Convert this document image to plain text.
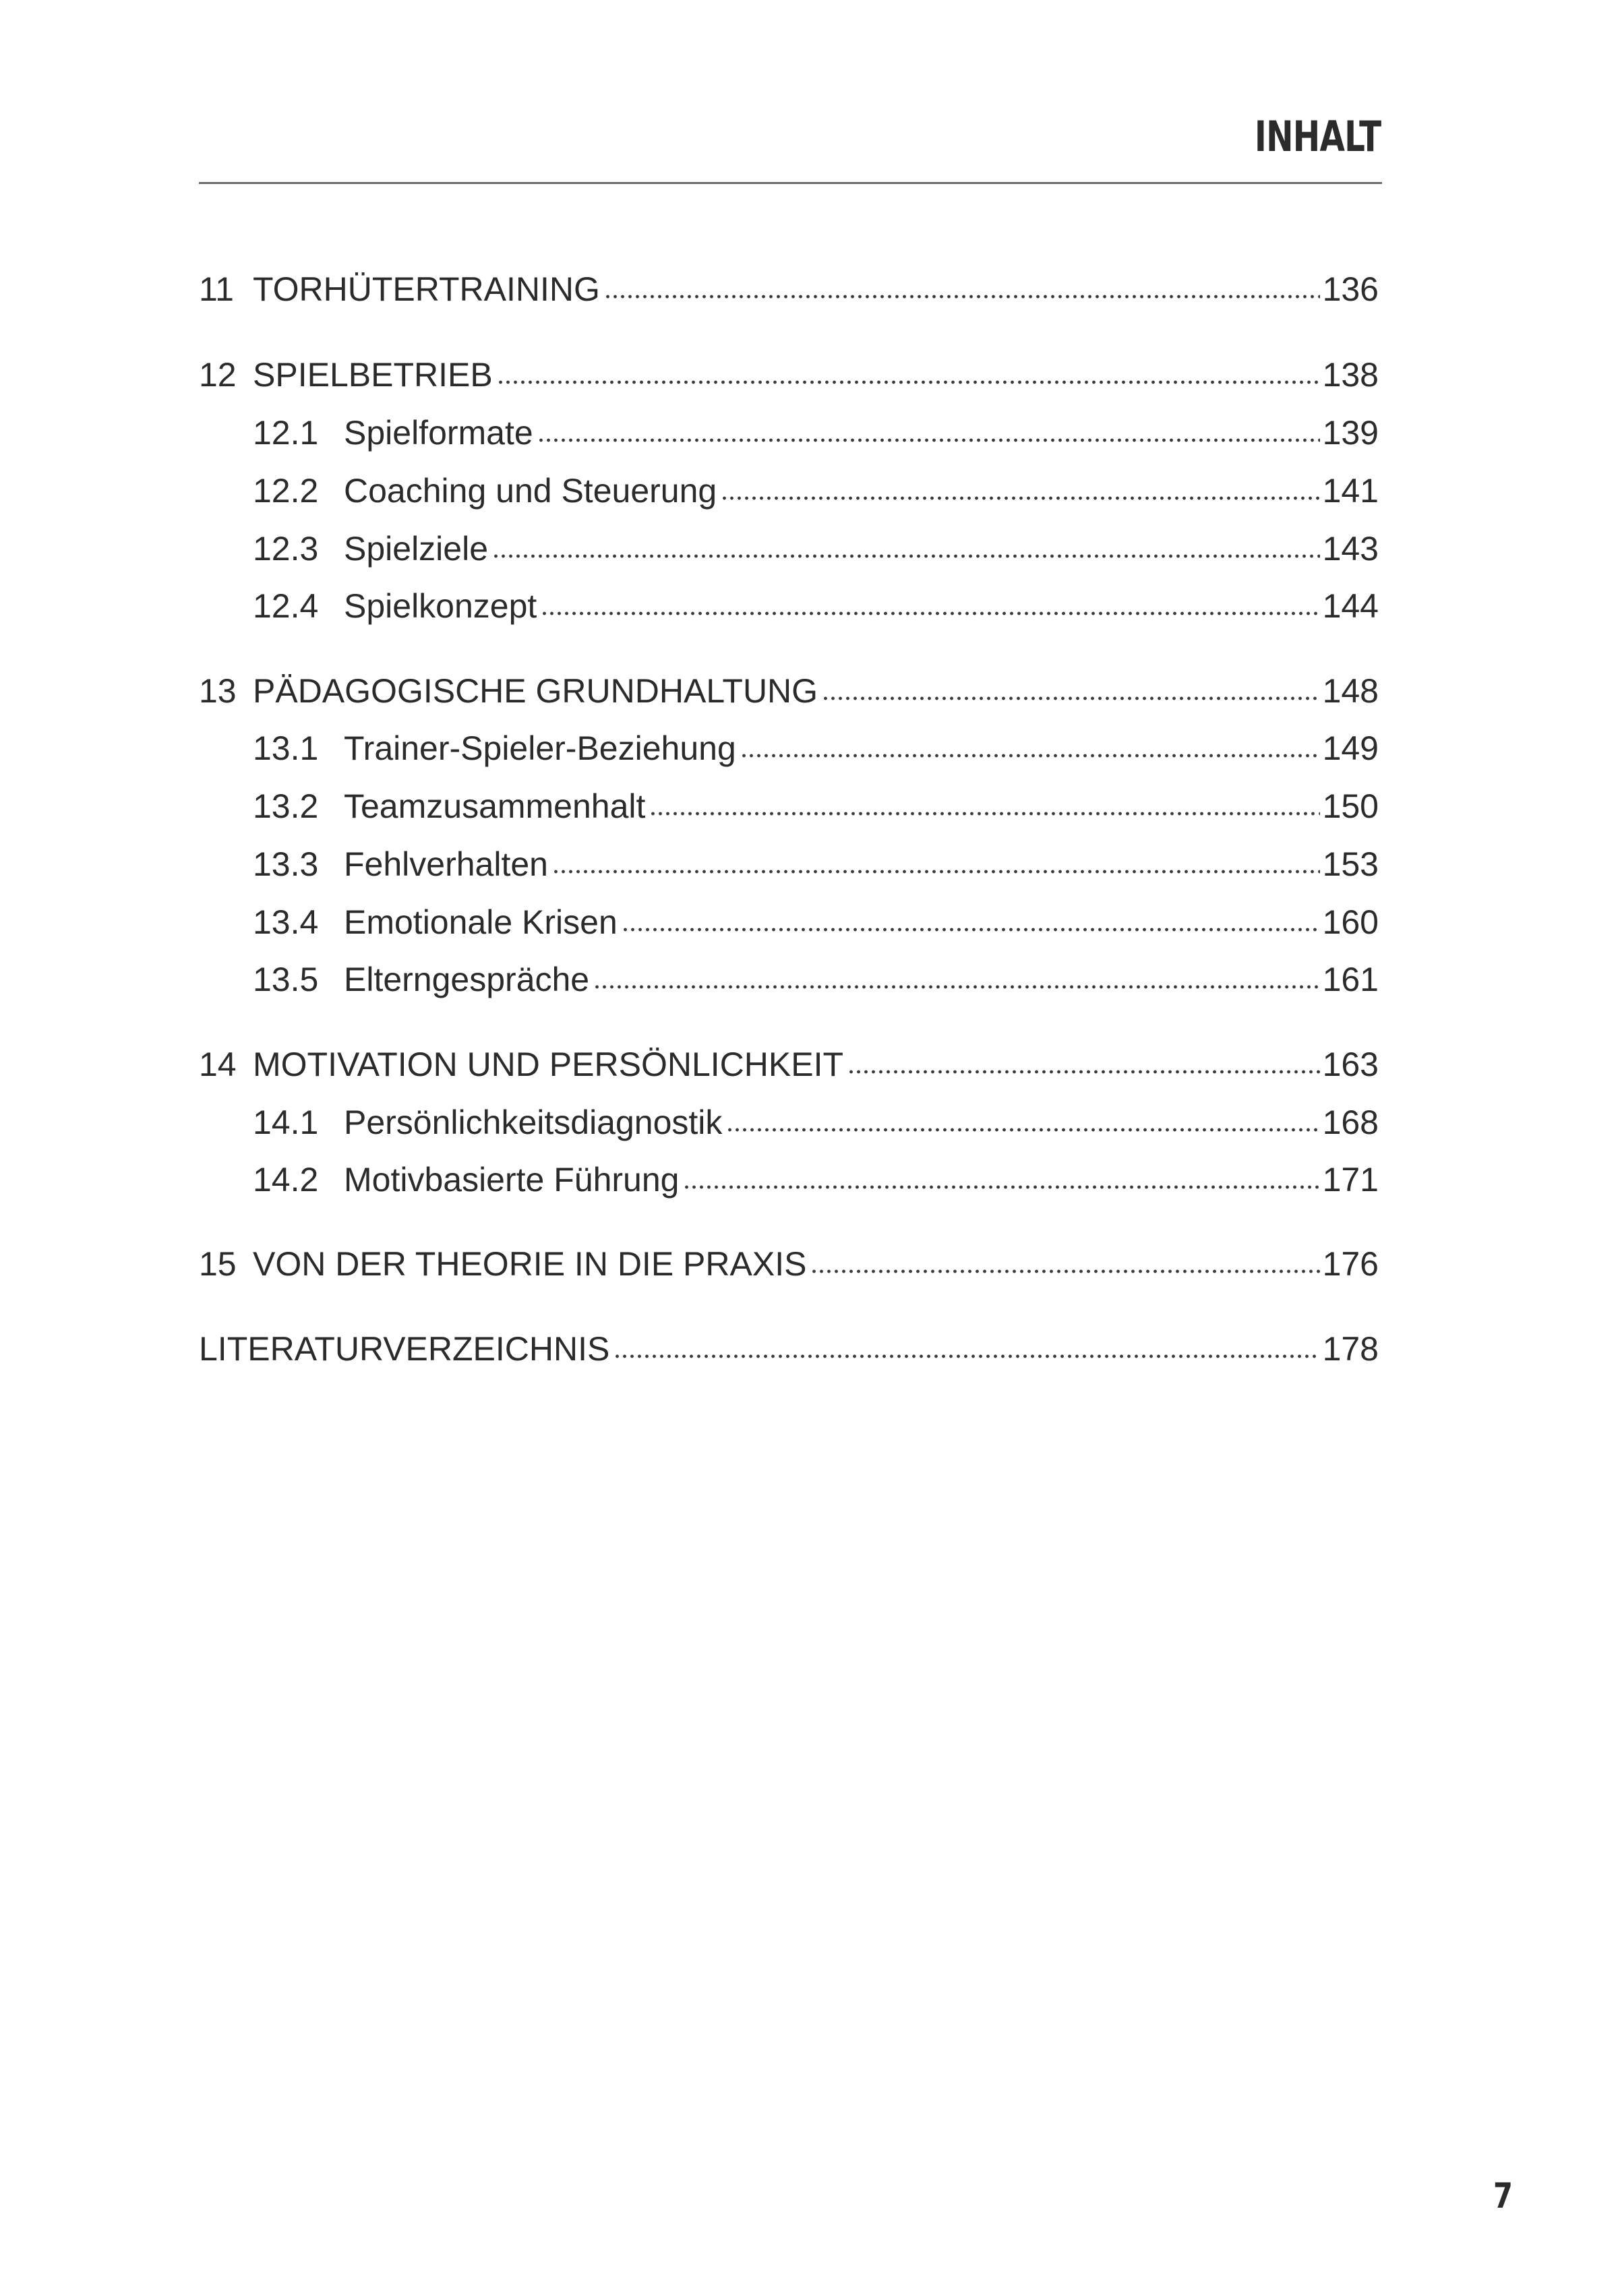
INHALT
11 TORHÜTERTRAINING	136
12 SPIELBETRIEB	138
12.1 Spielformate	139
12.2 Coaching und Steuerung	141
12.3 Spielziele	143
12.4 Spielkonzept	144
13 PÄDAGOGISCHE GRUNDHALTUNG	148
13.1 Trainer-Spieler-Beziehung	149
13.2 Teamzusammenhalt	150
13.3 Fehlverhalten	153
13.4 Emotionale Krisen	160
13.5 Elterngespräche	161
14 MOTIVATION UND PERSÖNLICHKEIT	163
14.1 Persönlichkeitsdiagnostik	168
14.2 Motivbasierte Führung	171
15 VON DER THEORIE IN DIE PRAXIS	176
LITERATURVERZEICHNIS	178
7
